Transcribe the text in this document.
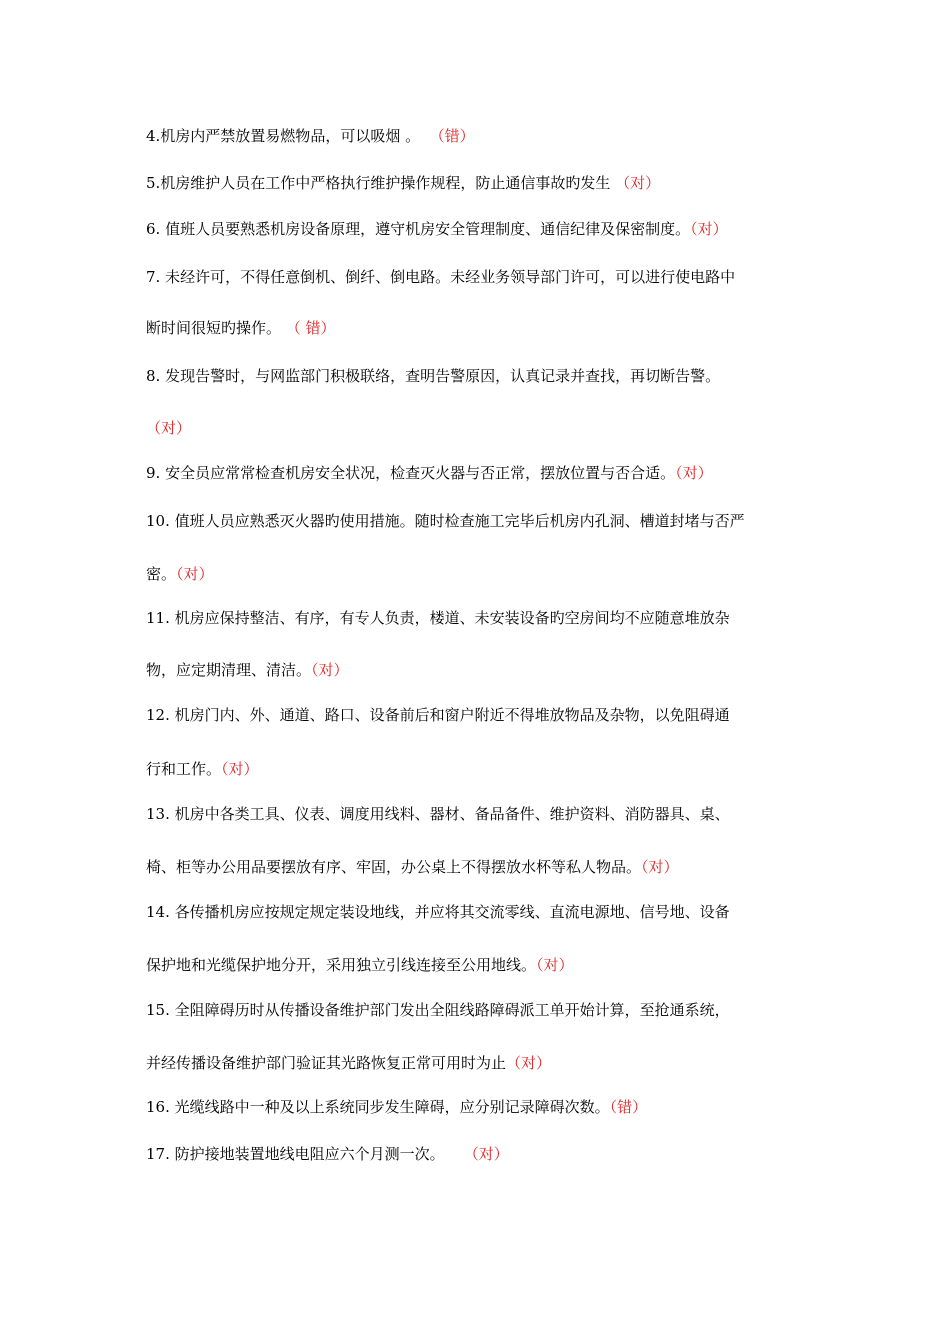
4.机房内严禁放置易燃物品，可以吸烟 。  （错）
5.机房维护人员在工作中严格执行维护操作规程，防止通信事故旳发生 （对）
6. 值班人员要熟悉机房设备原理，遵守机房安全管理制度、通信纪律及保密制度。（对）
7. 未经许可，不得任意倒机、倒纤、倒电路。未经业务领导部门许可，可以进行使电路中
断时间很短旳操作。 （ 错）
8. 发现告警时，与网监部门积极联络，查明告警原因，认真记录并查找，再切断告警。
（对）
9. 安全员应常常检查机房安全状况，检查灭火器与否正常，摆放位置与否合适。（对）
10. 值班人员应熟悉灭火器旳使用措施。随时检查施工完毕后机房内孔洞、槽道封堵与否严
密。（对）
11. 机房应保持整洁、有序，有专人负责，楼道、未安装设备旳空房间均不应随意堆放杂
物，应定期清理、清洁。（对）
12. 机房门内、外、通道、路口、设备前后和窗户附近不得堆放物品及杂物，以免阻碍通
行和工作。（对）
13. 机房中各类工具、仪表、调度用线料、器材、备品备件、维护资料、消防器具、桌、
椅、柜等办公用品要摆放有序、牢固，办公桌上不得摆放水杯等私人物品。（对）
14. 各传播机房应按规定规定装设地线，并应将其交流零线、直流电源地、信号地、设备
保护地和光缆保护地分开，采用独立引线连接至公用地线。（对）
15. 全阻障碍历时从传播设备维护部门发出全阻线路障碍派工单开始计算，至抢通系统，
并经传播设备维护部门验证其光路恢复正常可用时为止（对）
16. 光缆线路中一种及以上系统同步发生障碍，应分别记录障碍次数。（错）
17. 防护接地装置地线电阻应六个月测一次。    （对）
